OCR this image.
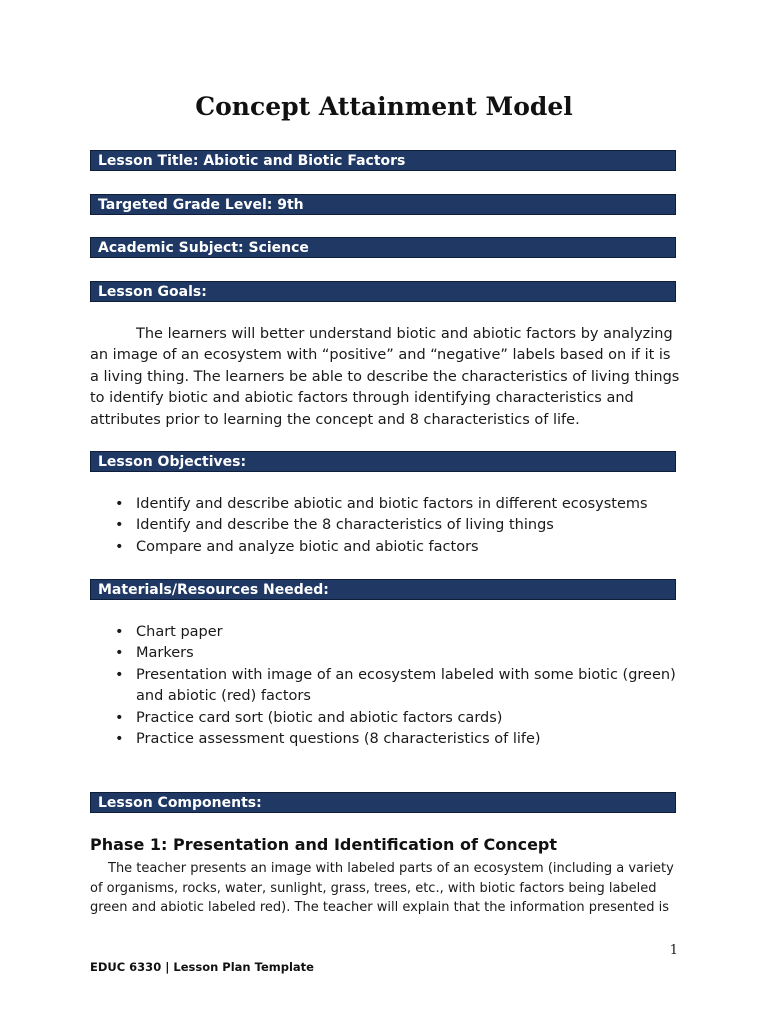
Concept Attainment Model
Lesson Title: Abiotic and Biotic Factors
Targeted Grade Level: 9th
Academic Subject: Science
Lesson Goals:

The learners will better understand biotic and abiotic factors by analyzing an image of an ecosystem with “positive” and “negative” labels based on if it is a living thing. The learners be able to describe the characteristics of living things to identify biotic and abiotic factors through identifying characteristics and attributes prior to learning the concept and 8 characteristics of life.

Lesson Objectives:
• Identify and describe abiotic and biotic factors in different ecosystems
• Identify and describe the 8 characteristics of living things
• Compare and analyze biotic and abiotic factors
Materials/Resources Needed:
• Chart paper
• Markers
• Presentation with image of an ecosystem labeled with some biotic (green) and abiotic (red) factors
• Practice card sort (biotic and abiotic factors cards)
• Practice assessment questions (8 characteristics of life)
Lesson Components:
Phase 1: Presentation and Identification of Concept

The teacher presents an image with labeled parts of an ecosystem (including a variety of organisms, rocks, water, sunlight, grass, trees, etc., with biotic factors being labeled green and abiotic labeled red). The teacher will explain that the information presented is

1
EDUC 6330 | Lesson Plan Template
